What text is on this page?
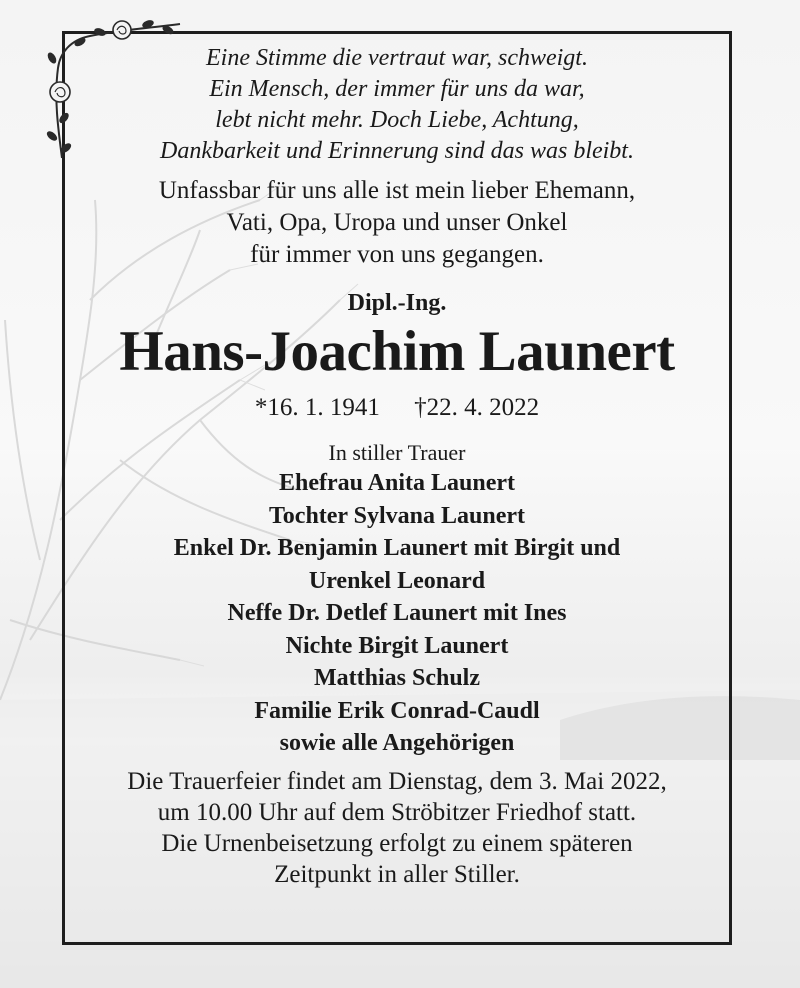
Eine Stimme die vertraut war, schweigt.
Ein Mensch, der immer für uns da war,
lebt nicht mehr. Doch Liebe, Achtung,
Dankbarkeit und Erinnerung sind das was bleibt.
Unfassbar für uns alle ist mein lieber Ehemann,
Vati, Opa, Uropa und unser Onkel
für immer von uns gegangen.
Dipl.-Ing.
Hans-Joachim Launert
*16. 1. 1941 †22. 4. 2022
In stiller Trauer
Ehefrau Anita Launert
Tochter Sylvana Launert
Enkel Dr. Benjamin Launert mit Birgit und
Urenkel Leonard
Neffe Dr. Detlef Launert mit Ines
Nichte Birgit Launert
Matthias Schulz
Familie Erik Conrad-Caudl
sowie alle Angehörigen
Die Trauerfeier findet am Dienstag, dem 3. Mai 2022,
um 10.00 Uhr auf dem Ströbitzer Friedhof statt.
Die Urnenbeisetzung erfolgt zu einem späteren
Zeitpunkt in aller Stiller.
